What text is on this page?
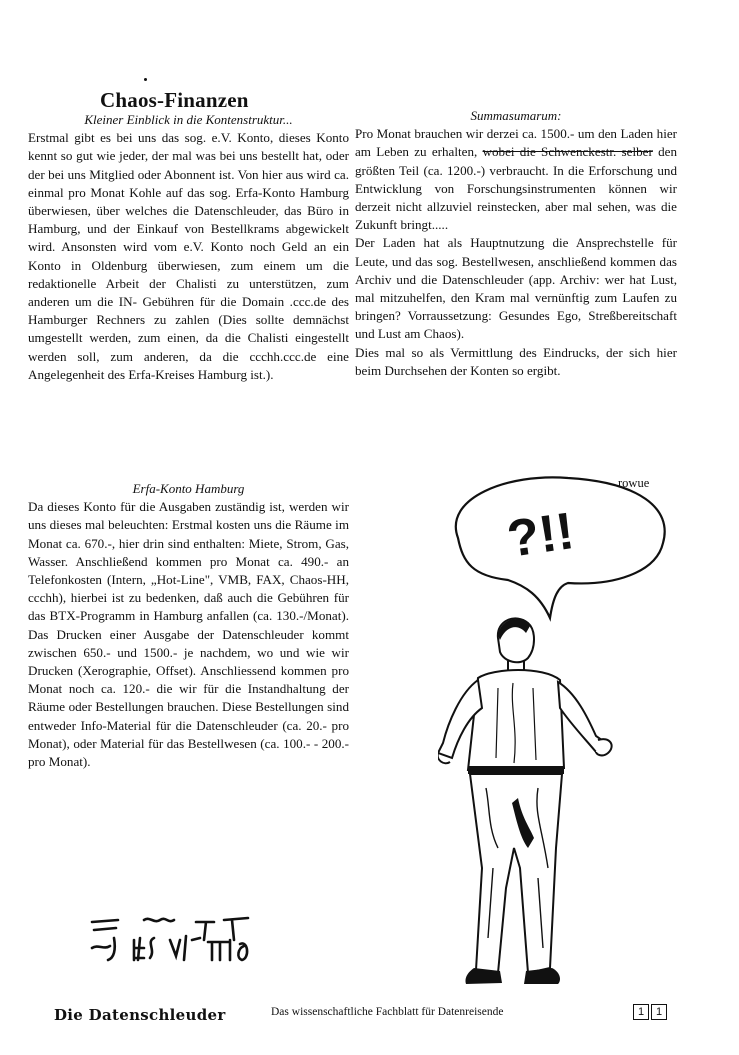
Chaos-Finanzen
Kleiner Einblick in die Kontenstruktur...

Erstmal gibt es bei uns das sog. e.V. Konto, dieses Konto kennt so gut wie jeder, der mal was bei uns bestellt hat, oder der bei uns Mitglied oder Abonnent ist. Von hier aus wird ca. einmal pro Monat Kohle auf das sog. Erfa-Konto Hamburg überwiesen, über welches die Datenschleuder, das Büro in Hamburg, und der Einkauf von Bestellkrams abgewickelt wird. Ansonsten wird vom e.V. Konto noch Geld an ein Konto in Oldenburg überwiesen, zum einem um die redaktionelle Arbeit der Chalisti zu unterstützen, zum anderen um die IN- Gebühren für die Domain .ccc.de des Hamburger Rechners zu zahlen (Dies sollte demnächst umgestellt werden, zum einen, da die Chalisti eingestellt werden soll, zum anderen, da die ccchh.ccc.de eine Angelegenheit des Erfa-Kreises Hamburg ist.).

Erfa-Konto Hamburg

Da dieses Konto für die Ausgaben zuständig ist, werden wir uns dieses mal beleuchten: Erstmal kosten uns die Räume im Monat ca. 670.-, hier drin sind enthalten: Miete, Strom, Gas, Wasser. Anschließend kommen pro Monat ca. 490.- an Telefonkosten (Intern, „Hot-Line", VMB, FAX, Chaos-HH, ccchh), hierbei ist zu bedenken, daß auch die Gebühren für das BTX-Programm in Hamburg anfallen (ca. 130.-/Monat). Das Drucken einer Ausgabe der Datenschleuder kommt zwischen 650.- und 1500.- je nachdem, wo und wie wir Drucken (Xerographie, Offset). Anschliessend kommen pro Monat noch ca. 120.- die wir für die Instandhaltung der Räume oder Bestellungen brauchen. Diese Bestellungen sind entweder Info-Material für die Datenschleuder (ca. 20.- pro Monat), oder Material für das Bestellwesen (ca. 100.- - 200.- pro Monat).

Summasumarum:

Pro Monat brauchen wir derzei ca. 1500.- um den Laden hier am Leben zu erhalten, wobei die Schwenckestr. selber den größten Teil (ca. 1200.-) verbraucht. In die Erforschung und Entwicklung von Forschungsinstrumenten können wir derzeit nicht allzuviel reinstecken, aber mal sehen, was die Zukunft bringt.....

Der Laden hat als Hauptnutzung die Ansprechstelle für Leute, und das sog. Bestellwesen, anschließend kommen das Archiv und die Datenschleuder (app. Archiv: wer hat Lust, mal mitzuhelfen, den Kram mal vernünftig zum Laufen zu bringen? Vorraussetzung: Gesundes Ego, Streßbereitschaft und Lust am Chaos).

Dies mal so als Vermittlung des Eindrucks, der sich hier beim Durchsehen der Konten so ergibt.

rowue
?!!
Die Datenschleuder	Das wissenschaftliche Fachblatt für Datenreisende	1	1
